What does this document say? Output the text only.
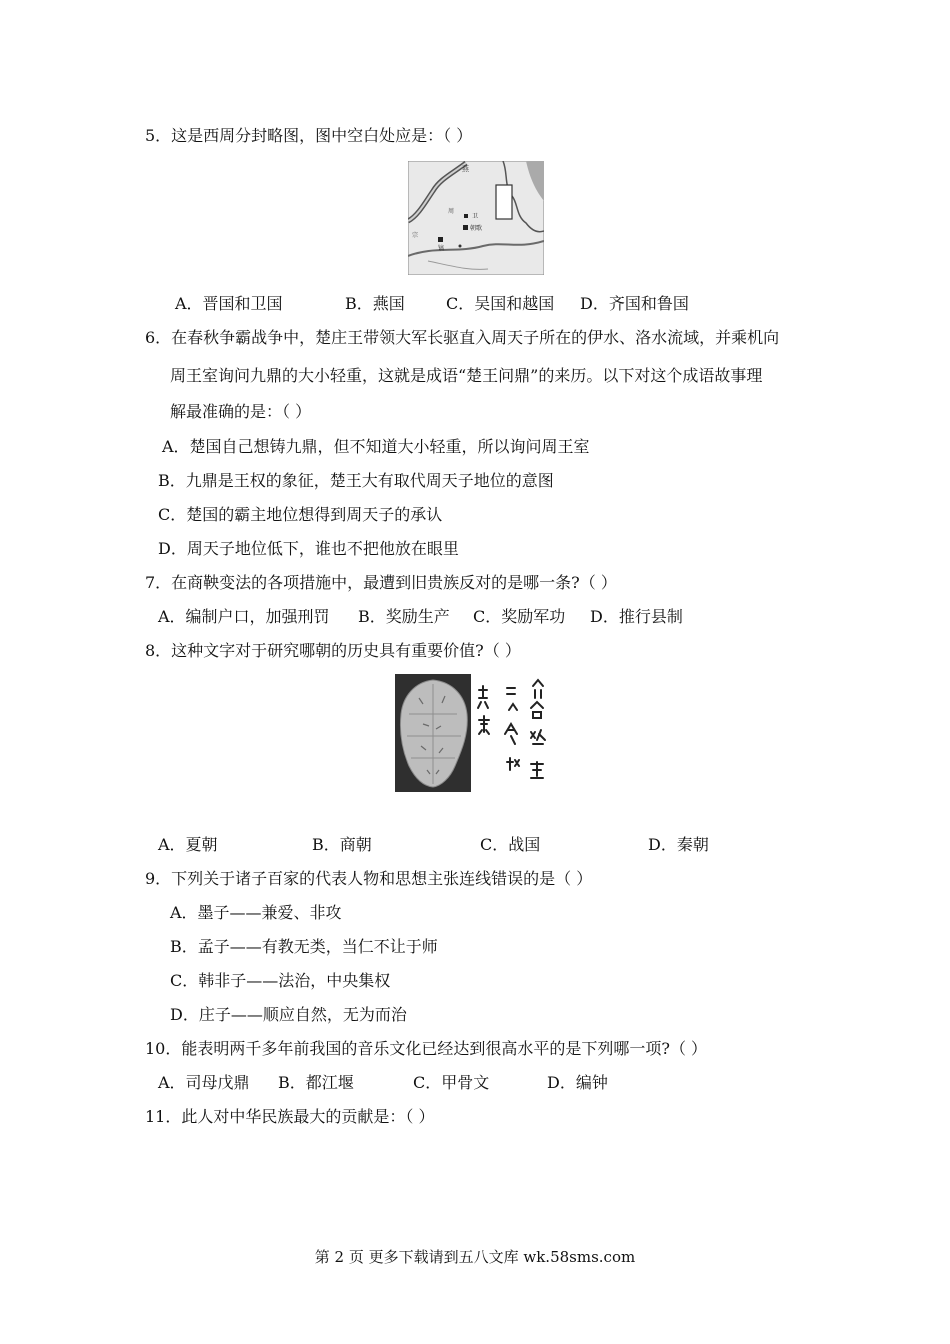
5．这是西周分封略图，图中空白处应是：（ ）
燕
卫
朝歌
镐
宗
周
A．晋国和卫国	B．燕国	C．吴国和越国 D．齐国和鲁国
6．在春秋争霸战争中，楚庄王带领大军长驱直入周天子所在的伊水、洛水流域，并乘机向
周王室询问九鼎的大小轻重，这就是成语“楚王问鼎”的来历。以下对这个成语故事理
解最准确的是：（ ）
A．楚国自己想铸九鼎，但不知道大小轻重，所以询问周王室
B．九鼎是王权的象征，楚王大有取代周天子地位的意图
C．楚国的霸主地位想得到周天子的承认
D．周天子地位低下，谁也不把他放在眼里
7．在商鞅变法的各项措施中，最遭到旧贵族反对的是哪一条?（ ）
A．编制户口，加强刑罚 B．奖励生产 C．奖励军功 D．推行县制
8．这种文字对于研究哪朝的历史具有重要价值?（ ）
A．夏朝	B．商朝	C．战国	D．秦朝
9．下列关于诸子百家的代表人物和思想主张连线错误的是（ ）
A．墨子——兼爱、非攻
B．孟子——有教无类，当仁不让于师
C．韩非子——法治，中央集权
D．庄子——顺应自然，无为而治
10．能表明两千多年前我国的音乐文化已经达到很高水平的是下列哪一项?（ ）
A．司母戊鼎 B．都江堰	C．甲骨文	D．编钟
11．此人对中华民族最大的贡献是：（ ）
第 2 页 更多下载请到五八文库 wk.58sms.com
